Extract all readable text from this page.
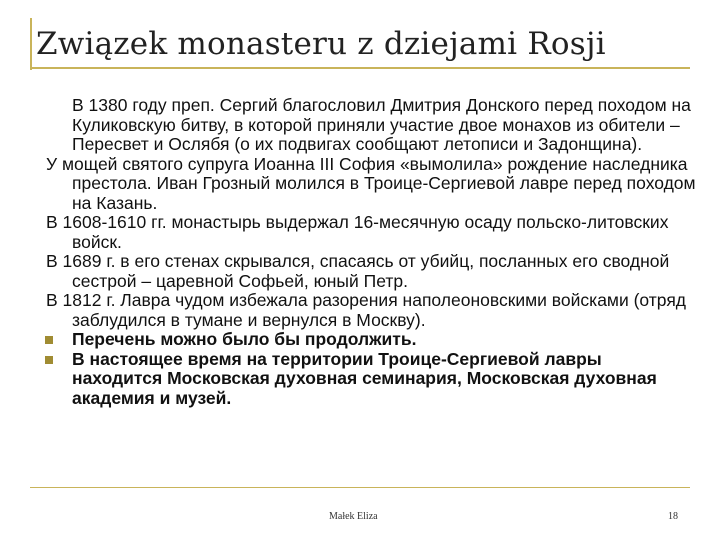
Związek monasteru z dziejami Rosji

В 1380 году преп. Сергий благословил Дмитрия Донского перед походом на Куликовскую битву, в которой приняли участие двое монахов из обители – Пересвет и Ослябя (о их подвигах сообщают летописи и Задонщина).

У мощей святого супруга Иоанна III София «вымолила» рождение наследника престола. Иван Грозный молился в Троице-Сергиевой лавре перед походом на Казань.

В 1608-1610 гг. монастырь выдержал 16-месячную осаду польско-литовских войск.

В 1689 г. в его стенах скрывался, спасаясь от убийц, посланных его сводной сестрой – царевной Софьей, юный Петр.

В 1812 г. Лавра чудом избежала разорения наполеоновскими войсками (отряд заблудился в тумане и вернулся в Москву).

Перечень можно было бы продолжить.
В настоящее время на территории Троице-Сергиевой лавры находится Московская духовная семинария, Московская духовная академия и музей.
Małek Eliza	18
